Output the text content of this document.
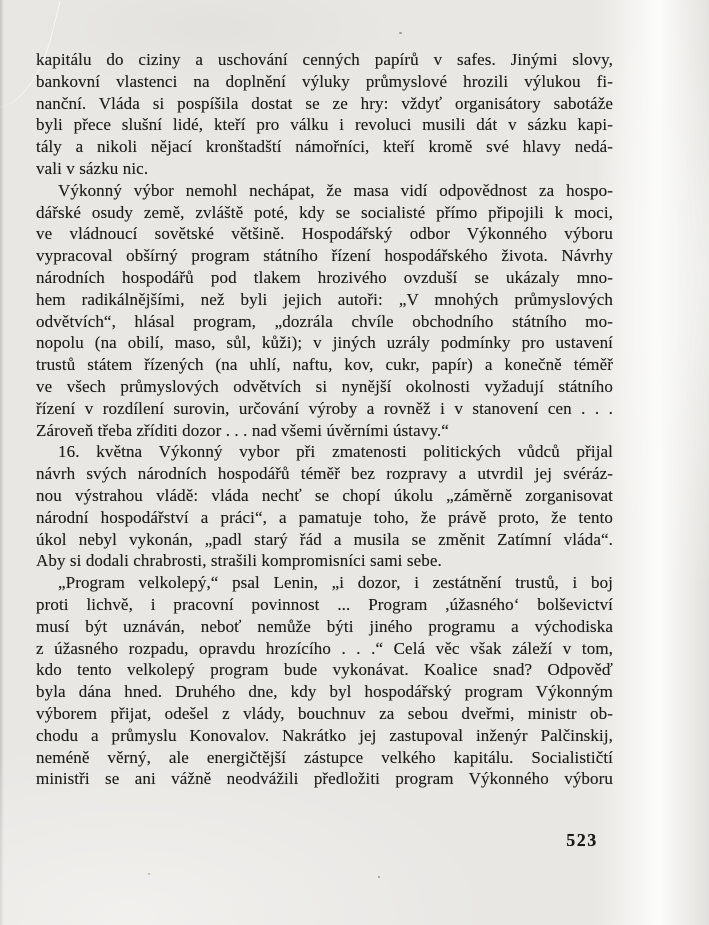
kapitálu do ciziny a uschování cenných papírů v safes. Jinými slovy,
bankovní vlastenci na doplnění výluky průmyslové hrozili výlukou fi-
nanční. Vláda si pospíšila dostat se ze hry: vždyť organisátory sabotáže
byli přece slušní lidé, kteří pro válku i revoluci musili dát v sázku kapi-
tály a nikoli nějací kronštadští námořníci, kteří kromě své hlavy nedá-
vali v sázku nic.
Výkonný výbor nemohl nechápat, že masa vidí odpovědnost za hospo-
dářské osudy země, zvláště poté, kdy se socialisté přímo připojili k moci,
ve vládnoucí sovětské většině. Hospodářský odbor Výkonného výboru
vypracoval obšírný program státního řízení hospodářského života. Návrhy
národních hospodářů pod tlakem hrozivého ovzduší se ukázaly mno-
hem radikálnějšími, než byli jejich autoři: „V mnohých průmyslových
odvětvích“, hlásal program, „dozrála chvíle obchodního státního mo-
nopolu (na obilí, maso, sůl, kůži); v jiných uzrály podmínky pro ustavení
trustů státem řízených (na uhlí, naftu, kov, cukr, papír) a konečně téměř
ve všech průmyslových odvětvích si nynější okolnosti vyžadují státního
řízení v rozdílení surovin, určování výroby a rovněž i v stanovení cen . . .
Zároveň třeba zříditi dozor . . . nad všemi úvěrními ústavy.“
16. května Výkonný vybor při zmatenosti politických vůdců přijal
návrh svých národních hospodářů téměř bez rozpravy a utvrdil jej svéráz-
nou výstrahou vládě: vláda nechť se chopí úkolu „záměrně zorganisovat
národní hospodářství a práci“, a pamatuje toho, že právě proto, že tento
úkol nebyl vykonán, „padl starý řád a musila se změnit Zatímní vláda“.
Aby si dodali chrabrosti, strašili kompromisníci sami sebe.
„Program velkolepý,“ psal Lenin, „i dozor, i zestátnění trustů, i boj
proti lichvě, i pracovní povinnost ... Program ,úžasného‘ bolševictví
musí být uznáván, neboť nemůže býti jiného programu a východiska
z úžasného rozpadu, opravdu hrozícího . . .“ Celá věc však záleží v tom,
kdo tento velkolepý program bude vykonávat. Koalice snad? Odpověď
byla dána hned. Druhého dne, kdy byl hospodářský program Výkonným
výborem přijat, odešel z vlády, bouchnuv za sebou dveřmi, ministr ob-
chodu a průmyslu Konovalov. Nakrátko jej zastupoval inženýr Palčinskij,
neméně věrný, ale energičtější zástupce velkého kapitálu. Socialističtí
ministři se ani vážně neodvážili předložiti program Výkonného výboru
523
